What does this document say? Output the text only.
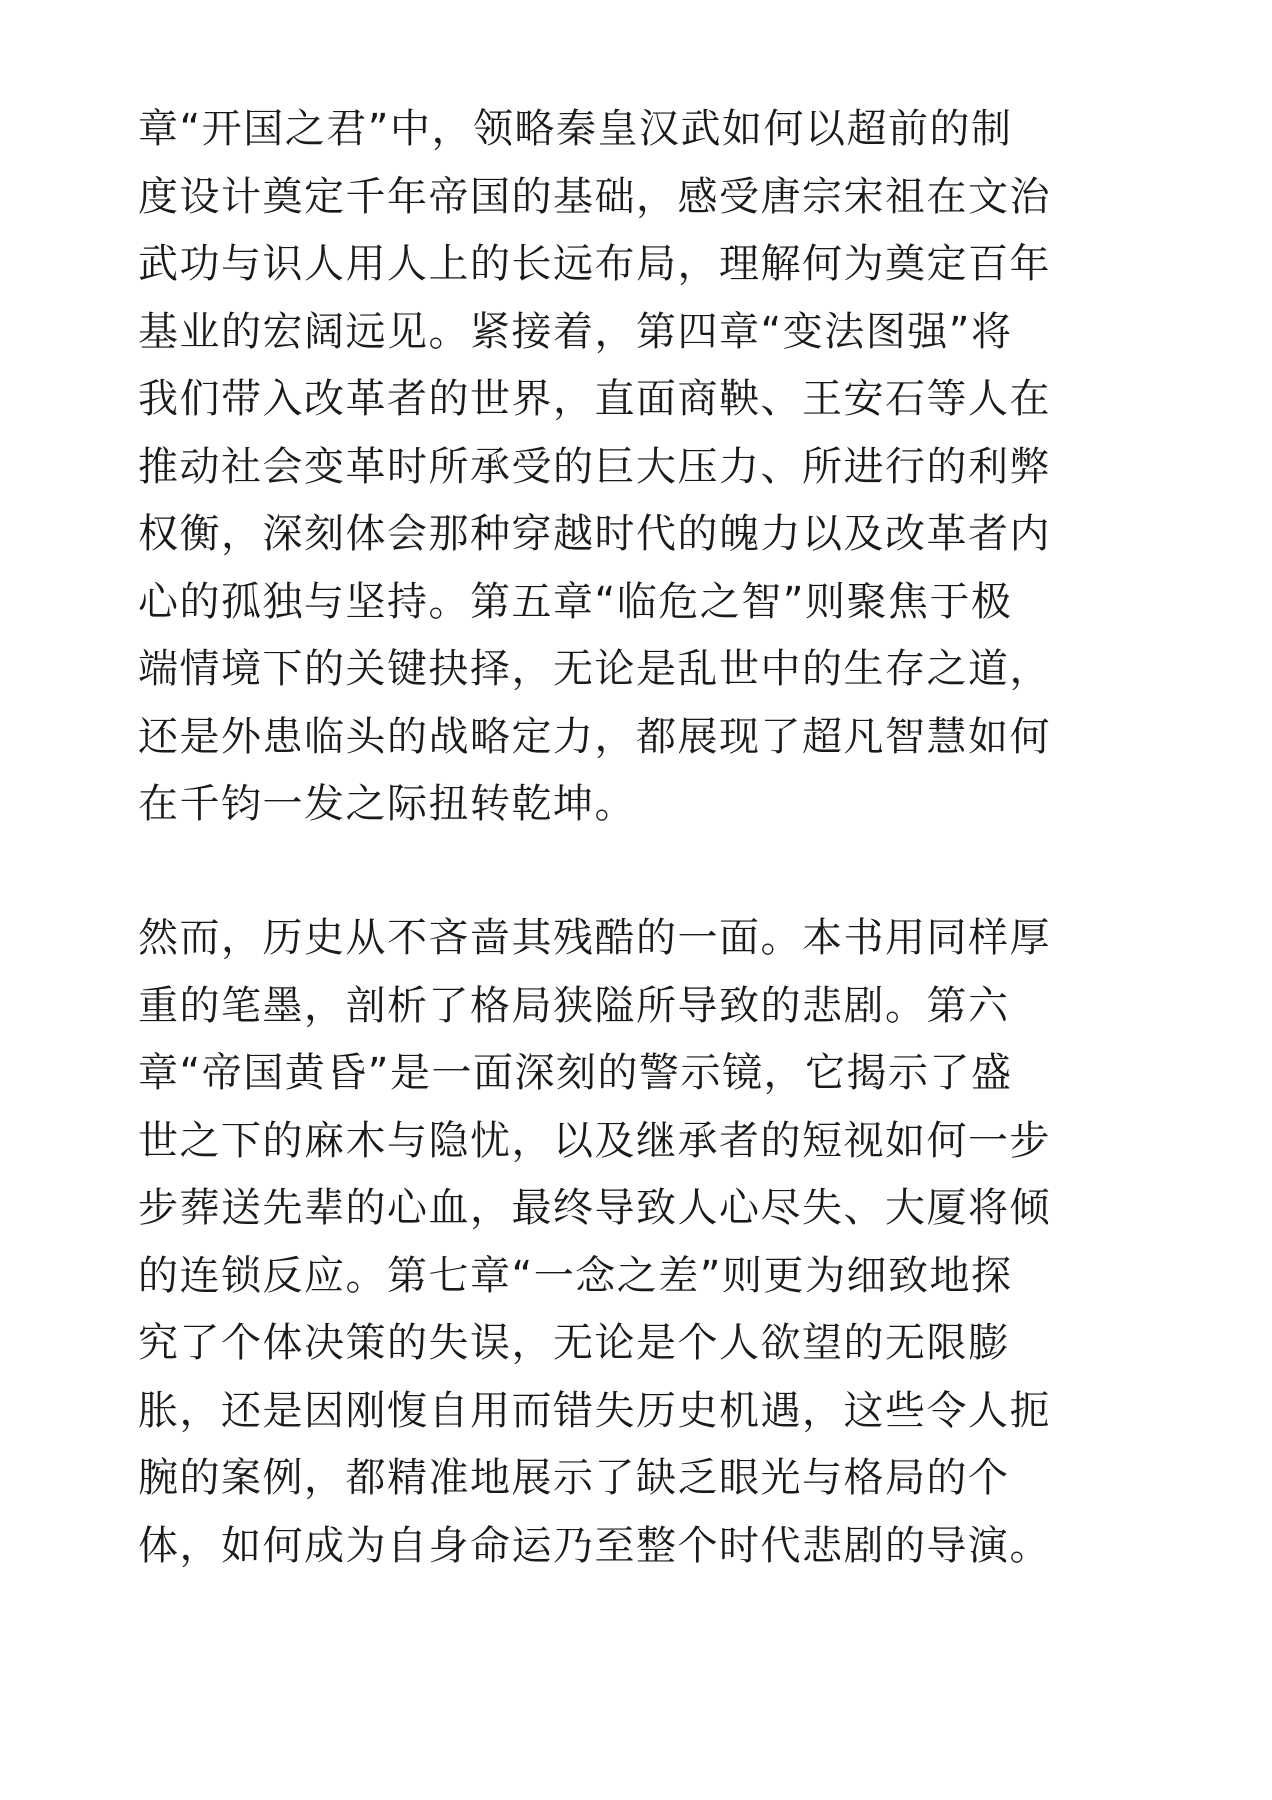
章“开国之君”中，领略秦皇汉武如何以超前的制
度设计奠定千年帝国的基础，感受唐宗宋祖在文治
武功与识人用人上的长远布局，理解何为奠定百年
基业的宏阔远见。紧接着，第四章“变法图强”将
我们带入改革者的世界，直面商鞅、王安石等人在
推动社会变革时所承受的巨大压力、所进行的利弊
权衡，深刻体会那种穿越时代的魄力以及改革者内
心的孤独与坚持。第五章“临危之智”则聚焦于极
端情境下的关键抉择，无论是乱世中的生存之道，
还是外患临头的战略定力，都展现了超凡智慧如何
在千钧一发之际扭转乾坤。
然而，历史从不吝啬其残酷的一面。本书用同样厚
重的笔墨，剖析了格局狭隘所导致的悲剧。第六
章“帝国黄昏”是一面深刻的警示镜，它揭示了盛
世之下的麻木与隐忧，以及继承者的短视如何一步
步葬送先辈的心血，最终导致人心尽失、大厦将倾
的连锁反应。第七章“一念之差”则更为细致地探
究了个体决策的失误，无论是个人欲望的无限膨
胀，还是因刚愎自用而错失历史机遇，这些令人扼
腕的案例，都精准地展示了缺乏眼光与格局的个
体，如何成为自身命运乃至整个时代悲剧的导演。
